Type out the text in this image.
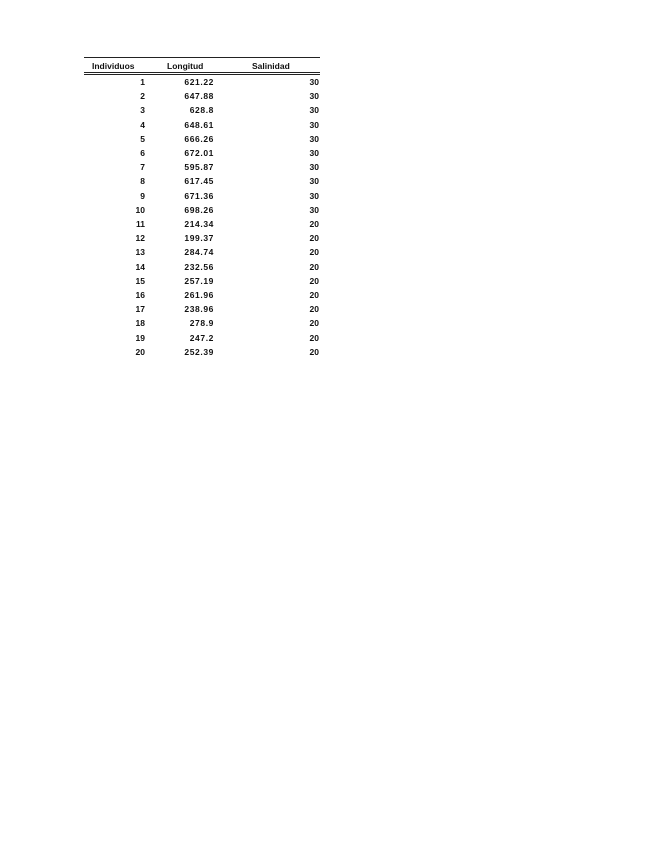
Individuos	Longitud	Salinidad
1	621.22	30
2	647.88	30
3	628.8	30
4	648.61	30
5	666.26	30
6	672.01	30
7	595.87	30
8	617.45	30
9	671.36	30
10	698.26	30
11	214.34	20
12	199.37	20
13	284.74	20
14	232.56	20
15	257.19	20
16	261.96	20
17	238.96	20
18	278.9	20
19	247.2	20
20	252.39	20
